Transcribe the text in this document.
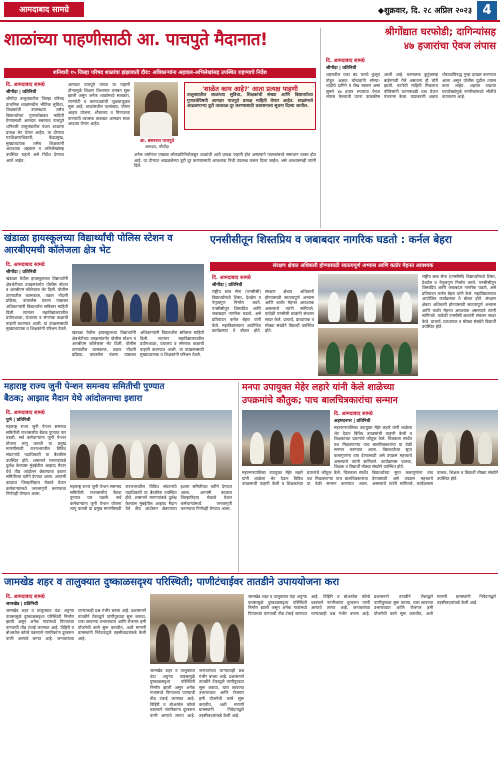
आमदाबाद सामग्रे	◆शुक्रवार, दि. २८ अप्रिल २०२३ 4
शाळांच्या पाहणीसाठी आ. पाचपुते मैदानात!
शनिवारी १५ जिल्हा परिषद शाळांचा झंझावाती दौरा: अधिकाऱ्यांना अहवाल-अभिलेखांसह उपस्थित राहण्याचे निर्देश
दि. आमदाबाद सामग्रे
श्रीगोंदा | प्रतिनिधी
श्रीगोंदा तालुक्यातील जिल्हा परिषद प्राथमिक शाळांमधील भौतिक सुविधा, शिक्षकांची उपलब्धता तसेच विद्यार्थ्यांच्या गुणवत्तेबाबत माहिती घेण्यासाठी आमदार बबनराव पाचपुते शनिवारी तालुक्यातील पंधरा शाळांना प्रत्यक्ष भेट देणार आहेत. या दौऱ्यात गटशिक्षणाधिकारी, केंद्रप्रमुख, मुख्याध्यापक तसेच शिक्षकांनी आवश्यक अहवाल व अभिलेखांसह उपस्थित राहावे असे निर्देश देण्यात आले आहेत.
आमदार पाचपुते यांच्या या पाहणी दौऱ्यामुळे शिक्षण विभागात लगबग सुरू झाली असून अनेक शाळांमध्ये स्वच्छता, रंगरंगोटी व कागदपत्रांची जुळवाजुळव सुरू आहे. शाळांमधील पटसंख्या, पोषण आहार योजना, शौचालय व पिण्याच्या पाण्याची व्यवस्था याबाबत आमदार स्वतः आढावा घेणार आहेत.
आ. बबनराव पाचपुते
आमदार, श्रीगोंदा
'शाळेत काय आहे?' आता प्रत्यक्ष पाहणी
तालुक्यातील शाळांच्या सुविधा, शिक्षकांची संख्या आणि विद्यार्थ्यांच्या गुणवत्तेविषयी आमदार पाचपुते प्रत्यक्ष माहिती घेणार आहेत. शाळांमध्ये आढळणाऱ्या त्रुटी तात्काळ दूर करण्यासाठी प्रशासनाला सूचना दिल्या जातील.
अनेक वर्षांनंतर एखाद्या लोकप्रतिनिधीकडून शाळांची अशी प्रत्यक्ष पाहणी होत असल्याने पालकांमध्ये समाधान व्यक्त होत आहे. या दौऱ्यात आढळलेल्या त्रुटी दूर करण्यासाठी आवश्यक निधी उपलब्ध करून दिला जाईल, असे आश्वासनही त्यांनी दिले.
श्रीगोंद्यात घरफोडी; दागिन्यांसह
४७ हजारांचा ऐवज लंपास
दि. आमदाबाद सामग्रे
श्रीगोंदा | प्रतिनिधी
शहरातील एका बंद घराचे कुलूप तोडून अज्ञात चोरट्यांनी सोन्या-चांदीचे दागिने व रोख रक्कम असा सुमारे ४७ हजार रुपयांचा ऐवज लंपास केल्याची घटना उघडकीस आली आहे. घरमालक कुटुंबासह बाहेरगावी गेले असताना ही चोरी झाली. घटनेची माहिती मिळताच पोलिसांनी घटनास्थळी धाव घेऊन पंचनामा केला. याप्रकरणी अज्ञात चोरट्यांविरुद्ध गुन्हा दाखल करण्यात आला असून पोलीस पुढील तपास करत आहेत. शहरात वाढत्या घरफोड्यांमुळे नागरिकांमध्ये भीतीचे वातावरण आहे.
खंडाळा हायस्कूलच्या विद्यार्थ्यांची पोलिस स्टेशन व आरबीएमची कॉलेजला क्षेत्र भेट
दि. आमदाबाद सामग्रे
श्रीगोंदा | प्रतिनिधी
खंडाळा येथील हायस्कूलच्या विद्यार्थ्यांनी क्षेत्रभेटीच्या उपक्रमांतर्गत पोलीस स्टेशन व आरबीएम कॉलेजला भेट दिली. पोलीस ठाण्यातील कामकाज, तक्रार नोंदणी प्रक्रिया, वायरलेस यंत्रणा याबाबत अधिकाऱ्यांनी विद्यार्थ्यांना सविस्तर माहिती दिली. त्यानंतर महाविद्यालयातील प्रयोगशाळा, ग्रंथालय व संगणक कक्षाची पाहणी करण्यात आली. या उपक्रमासाठी मुख्याध्यापक व शिक्षकांनी परिश्रम घेतले.
खंडाळा येथील हायस्कूलच्या विद्यार्थ्यांनी क्षेत्रभेटीच्या उपक्रमांतर्गत पोलीस स्टेशन व आरबीएम कॉलेजला भेट दिली. पोलीस ठाण्यातील कामकाज, तक्रार नोंदणी प्रक्रिया, वायरलेस यंत्रणा याबाबत अधिकाऱ्यांनी विद्यार्थ्यांना सविस्तर माहिती दिली. त्यानंतर महाविद्यालयातील प्रयोगशाळा, ग्रंथालय व संगणक कक्षाची पाहणी करण्यात आली. या उपक्रमासाठी मुख्याध्यापक व शिक्षकांनी परिश्रम घेतले.
एनसीसीतून शिस्तप्रिय व जबाबदार नागरिक घडतो : कर्नल बेहरा
संरक्षण क्षेत्रात अधिकारी होण्यासाठी सातत्यपूर्ण अभ्यास आणि कठोर मेहनत आवश्यक
दि. आमदाबाद सामग्रे
श्रीगोंदा | प्रतिनिधी
राष्ट्रीय छात्र सेना (एनसीसी) विद्यार्थ्यांमध्ये शिस्त, देशप्रेम व नेतृत्वगुण निर्माण करते. एनसीसीतून शिस्तप्रिय आणि जबाबदार नागरिक घडतो, असे प्रतिपादन कर्नल बेहरा यांनी केले. महाविद्यालयात आयोजित कार्यक्रमात ते बोलत होते. संरक्षण क्षेत्रात अधिकारी होण्यासाठी सातत्यपूर्ण अभ्यास आणि कठोर मेहनत आवश्यक असल्याचे त्यांनी सांगितले. यावेळी एनसीसी छात्रांनी संचलन सादर केले. प्राचार्य, प्राध्यापक व मोठ्या संख्येने विद्यार्थी उपस्थित होते.
राष्ट्रीय छात्र सेना (एनसीसी) विद्यार्थ्यांमध्ये शिस्त, देशप्रेम व नेतृत्वगुण निर्माण करते. एनसीसीतून शिस्तप्रिय आणि जबाबदार नागरिक घडतो, असे प्रतिपादन कर्नल बेहरा यांनी केले. महाविद्यालयात आयोजित कार्यक्रमात ते बोलत होते. संरक्षण क्षेत्रात अधिकारी होण्यासाठी सातत्यपूर्ण अभ्यास आणि कठोर मेहनत आवश्यक असल्याचे त्यांनी सांगितले. यावेळी एनसीसी छात्रांनी संचलन सादर केले. प्राचार्य, प्राध्यापक व मोठ्या संख्येने विद्यार्थी उपस्थित होते.
महाराष्ट्र राज्य जुनी पेन्शन समन्वय समितीची पुण्यात
बैठक; आझाद मैदान येथे आंदोलनाचा इशारा
दि. आमदाबाद सामग्रे
पुणे | प्रतिनिधी
महाराष्ट्र राज्य जुनी पेन्शन समन्वय समितीची राज्यस्तरीय बैठक पुण्यात पार पडली. सर्व कर्मचाऱ्यांना जुनी पेन्शन योजना लागू करावी या प्रमुख मागणीसाठी राज्यभरातील विविध संघटनांचे पदाधिकारी या बैठकीस उपस्थित होते. शासनाने मागण्यांकडे दुर्लक्ष केल्यास मुंबईतील आझाद मैदान येथे तीव्र आंदोलन छेडण्याचा इशारा समितीच्या वतीने देण्यात आला. आगामी काळात जिल्हानिहाय मेळावे घेऊन कर्मचाऱ्यांमध्ये जनजागृती करण्याचा निर्णयही घेण्यात आला.
महाराष्ट्र राज्य जुनी पेन्शन समन्वय समितीची राज्यस्तरीय बैठक पुण्यात पार पडली. सर्व कर्मचाऱ्यांना जुनी पेन्शन योजना लागू करावी या प्रमुख मागणीसाठी राज्यभरातील विविध संघटनांचे पदाधिकारी या बैठकीस उपस्थित होते. शासनाने मागण्यांकडे दुर्लक्ष केल्यास मुंबईतील आझाद मैदान येथे तीव्र आंदोलन छेडण्याचा इशारा समितीच्या वतीने देण्यात आला. आगामी काळात जिल्हानिहाय मेळावे घेऊन कर्मचाऱ्यांमध्ये जनजागृती करण्याचा निर्णयही घेण्यात आला.
मनपा उपायुक्त मेहेर लहारे यांनी केले शाळेच्या
उपक्रमांचे कौतुक; पाच बालचित्रकारांचा सन्मान
दि. आमदाबाद सामग्रे
अहमदनगर | प्रतिनिधी
महानगरपालिका उपायुक्त मेहेर लहारे यांनी शाळेला भेट देऊन विविध उपक्रमांची पाहणी केली व शिक्षकांच्या प्रयत्नांचे कौतुक केले. चित्रकला स्पर्धेत यश मिळवणाऱ्या पाच बालचित्रकारांचा या वेळी सन्मान करण्यात आला. विद्यार्थ्यांच्या सुप्त कलागुणांना वाव देण्यासाठी असे उपक्रम महत्त्वाचे असल्याचे त्यांनी सांगितले. कार्यक्रमास पालक, शिक्षक व विद्यार्थी मोठ्या संख्येने उपस्थित होते.
महानगरपालिका उपायुक्त मेहेर लहारे यांनी शाळेला भेट देऊन विविध उपक्रमांची पाहणी केली व शिक्षकांच्या प्रयत्नांचे कौतुक केले. चित्रकला स्पर्धेत यश मिळवणाऱ्या पाच बालचित्रकारांचा या वेळी सन्मान करण्यात आला. विद्यार्थ्यांच्या सुप्त कलागुणांना वाव देण्यासाठी असे उपक्रम महत्त्वाचे असल्याचे त्यांनी सांगितले. कार्यक्रमास पालक, शिक्षक व विद्यार्थी मोठ्या संख्येने उपस्थित होते.
जामखेड शहर व तालुक्यात दुष्काळसदृश्य परिस्थिती; पाणीटंचाईवर तातडीने उपाययोजना करा
दि. आमदाबाद सामग्रे
जामखेड | प्रतिनिधी
जामखेड शहर व तालुक्यात यंदा अपुऱ्या पावसामुळे दुष्काळसदृश्य परिस्थिती निर्माण झाली असून अनेक गावांमध्ये पिण्याच्या पाण्याची तीव्र टंचाई जाणवत आहे. विहिरी व बोअरवेल कोरडे पडल्याने नागरिकांना दूरवरून पाणी आणावे लागत आहे. जनावरांच्या चाऱ्याचाही प्रश्न गंभीर बनला आहे. प्रशासनाने तातडीने टँकरद्वारे पाणीपुरवठा सुरू करावा, चारा छावण्या उभाराव्यात आणि रोजगार हमी योजनेची कामे सुरू करावीत, अशी मागणी ग्रामस्थांनी निवेदनाद्वारे तहसीलदारांकडे केली आहे.
जामखेड शहर व तालुक्यात यंदा अपुऱ्या पावसामुळे दुष्काळसदृश्य परिस्थिती निर्माण झाली असून अनेक गावांमध्ये पिण्याच्या पाण्याची तीव्र टंचाई जाणवत आहे. विहिरी व बोअरवेल कोरडे पडल्याने नागरिकांना दूरवरून पाणी आणावे लागत आहे. जनावरांच्या चाऱ्याचाही प्रश्न गंभीर बनला आहे. प्रशासनाने तातडीने टँकरद्वारे पाणीपुरवठा सुरू करावा, चारा छावण्या उभाराव्यात आणि रोजगार हमी योजनेची कामे सुरू करावीत, अशी मागणी ग्रामस्थांनी निवेदनाद्वारे तहसीलदारांकडे केली आहे.
जामखेड शहर व तालुक्यात यंदा अपुऱ्या पावसामुळे दुष्काळसदृश्य परिस्थिती निर्माण झाली असून अनेक गावांमध्ये पिण्याच्या पाण्याची तीव्र टंचाई जाणवत आहे. विहिरी व बोअरवेल कोरडे पडल्याने नागरिकांना दूरवरून पाणी आणावे लागत आहे. जनावरांच्या चाऱ्याचाही प्रश्न गंभीर बनला आहे. प्रशासनाने तातडीने टँकरद्वारे पाणीपुरवठा सुरू करावा, चारा छावण्या उभाराव्यात आणि रोजगार हमी योजनेची कामे सुरू करावीत, अशी मागणी ग्रामस्थांनी निवेदनाद्वारे तहसीलदारांकडे केली आहे.
